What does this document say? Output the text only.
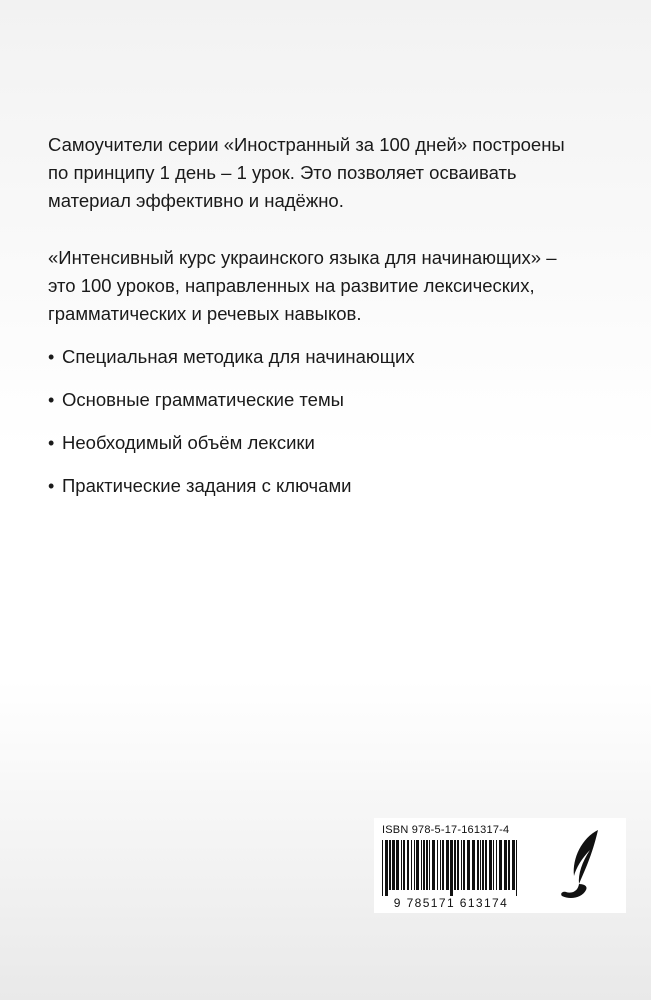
Самоучители серии «Иностранный за 100 дней» построены
по принципу 1 день – 1 урок. Это позволяет осваивать
материал эффективно и надёжно.
«Интенсивный курс украинского языка для начинающих» –
это 100 уроков, направленных на развитие лексических,
грамматических и речевых навыков.
• Специальная методика для начинающих
• Основные грамматические темы
• Необходимый объём лексики
• Практические задания с ключами
ISBN 978-5-17-161317-4
9 785171 613174
